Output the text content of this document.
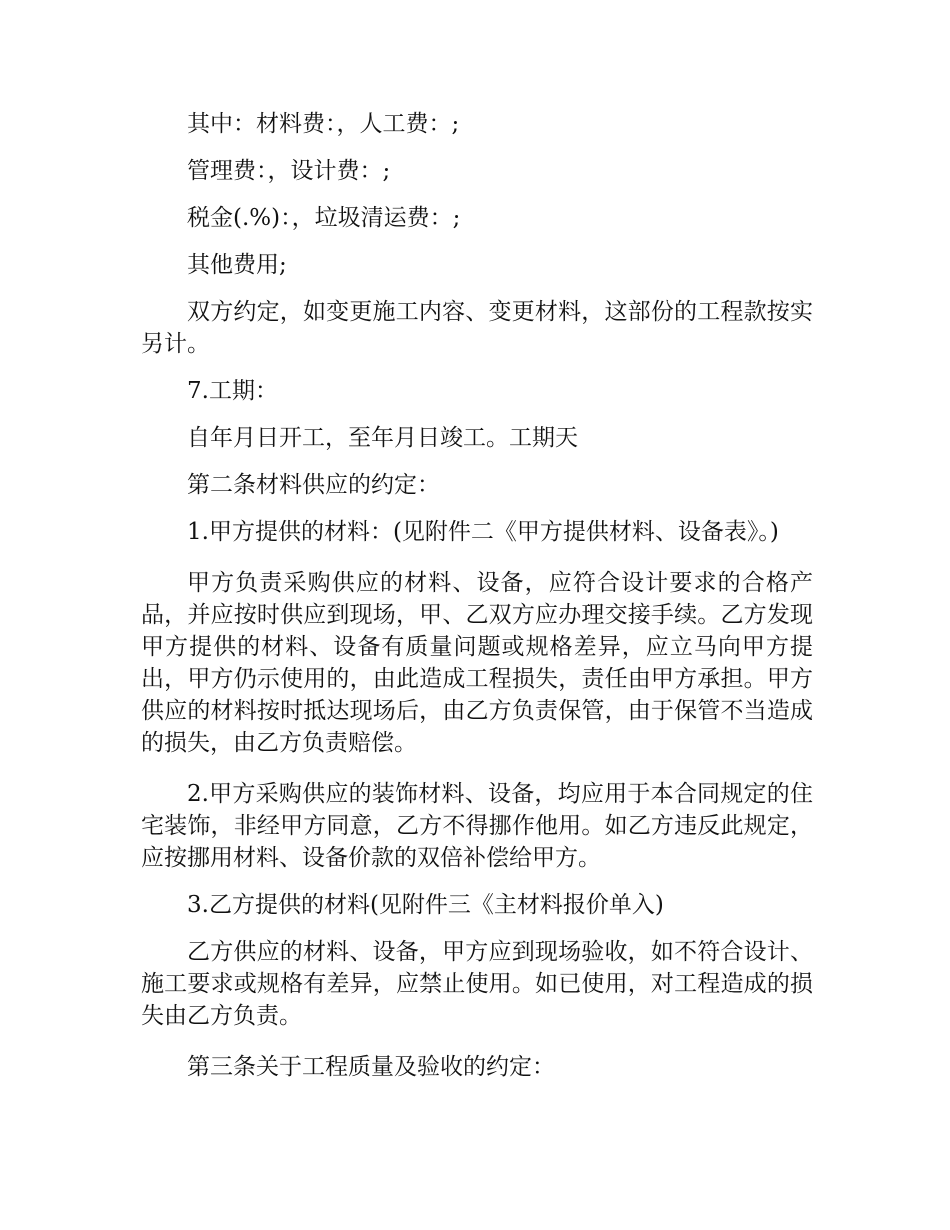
其中：材料费：，人工费：;

管理费：，设计费：;

税金(.%)：，垃圾清运费：;

其他费用;

双方约定，如变更施工内容、变更材料，这部份的工程款按实另计。

7.工期：

自年月日开工，至年月日竣工。工期天

第二条材料供应的约定：

1.甲方提供的材料：(见附件二《甲方提供材料、设备表》。)

甲方负责采购供应的材料、设备，应符合设计要求的合格产品，并应按时供应到现场，甲、乙双方应办理交接手续。乙方发现甲方提供的材料、设备有质量问题或规格差异，应立马向甲方提出，甲方仍示使用的，由此造成工程损失，责任由甲方承担。甲方供应的材料按时抵达现场后，由乙方负责保管，由于保管不当造成的损失，由乙方负责赔偿。

2.甲方采购供应的装饰材料、设备，均应用于本合同规定的住宅装饰，非经甲方同意，乙方不得挪作他用。如乙方违反此规定，应按挪用材料、设备价款的双倍补偿给甲方。

3.乙方提供的材料(见附件三《主材料报价单入)

乙方供应的材料、设备，甲方应到现场验收，如不符合设计、施工要求或规格有差异，应禁止使用。如已使用，对工程造成的损失由乙方负责。

第三条关于工程质量及验收的约定：
